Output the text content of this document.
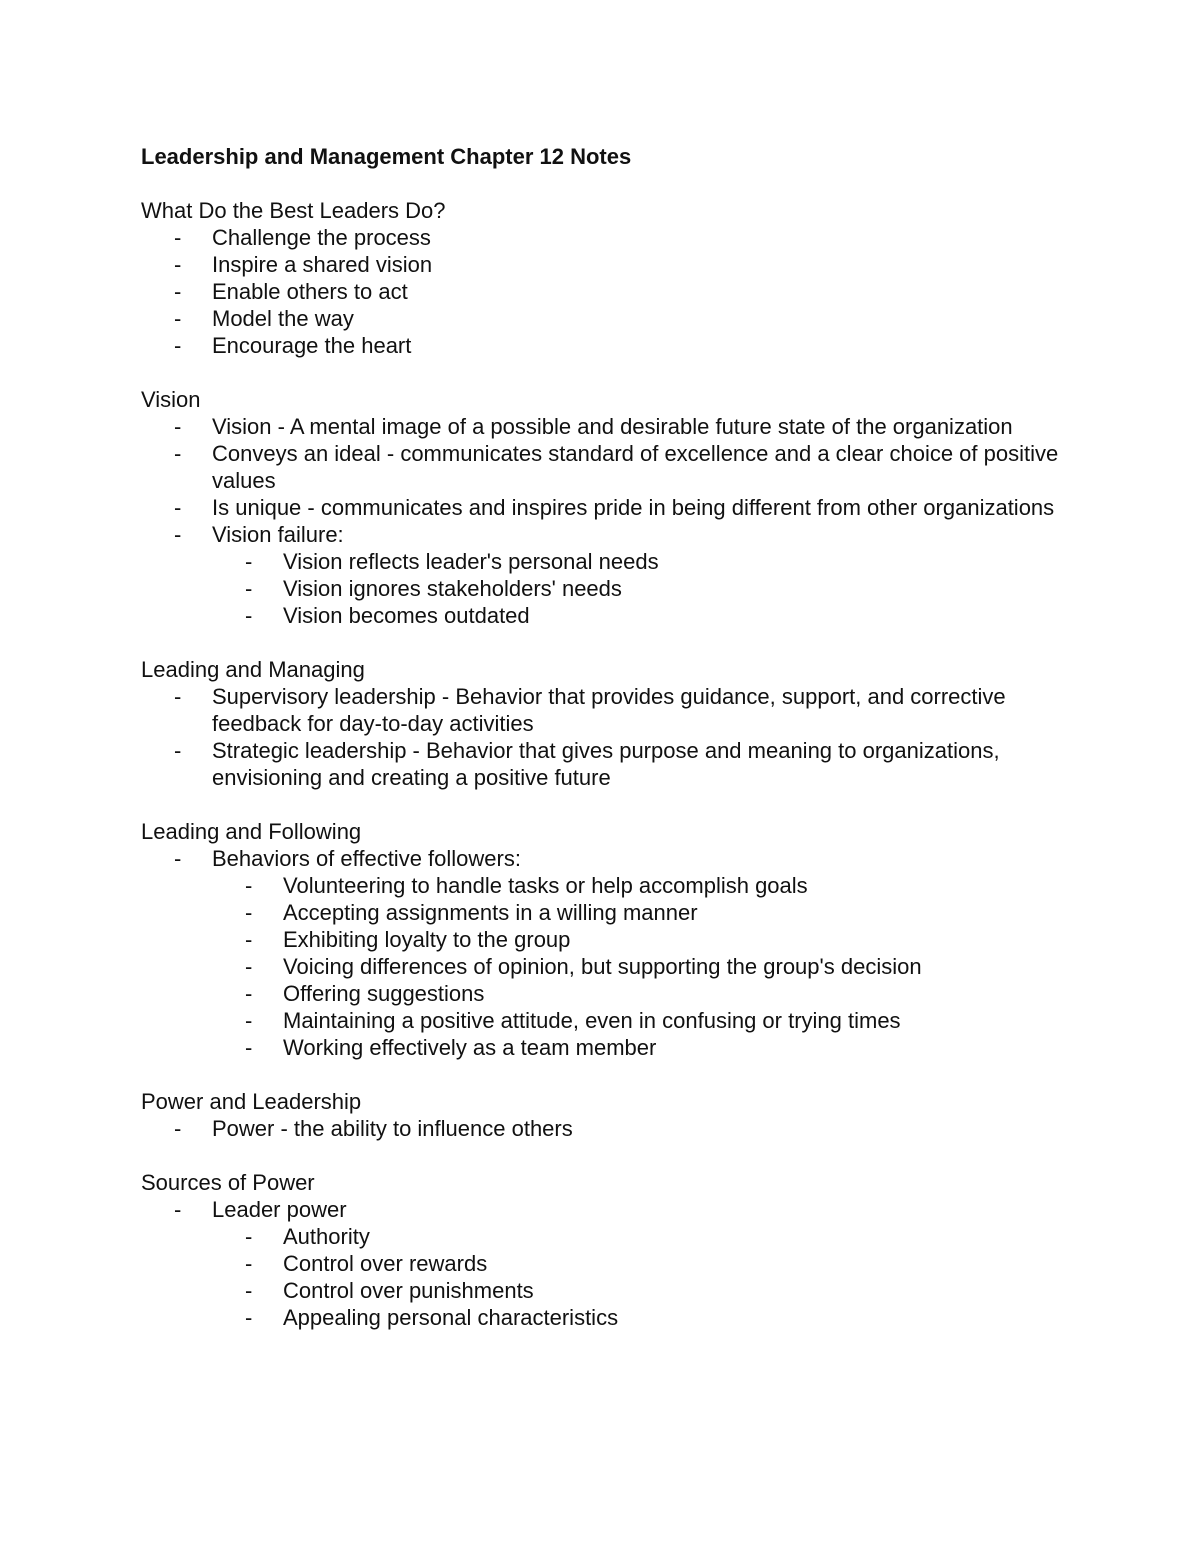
Leadership and Management Chapter 12 Notes
What Do the Best Leaders Do?
- Challenge the process
- Inspire a shared vision
- Enable others to act
- Model the way
- Encourage the heart
Vision
- Vision - A mental image of a possible and desirable future state of the organization
- Conveys an ideal - communicates standard of excellence and a clear choice of positive values
- Is unique - communicates and inspires pride in being different from other organizations
- Vision failure:
- Vision reflects leader's personal needs
- Vision ignores stakeholders' needs
- Vision becomes outdated
Leading and Managing
- Supervisory leadership - Behavior that provides guidance, support, and corrective feedback for day-to-day activities
- Strategic leadership - Behavior that gives purpose and meaning to organizations, envisioning and creating a positive future
Leading and Following
- Behaviors of effective followers:
- Volunteering to handle tasks or help accomplish goals
- Accepting assignments in a willing manner
- Exhibiting loyalty to the group
- Voicing differences of opinion, but supporting the group's decision
- Offering suggestions
- Maintaining a positive attitude, even in confusing or trying times
- Working effectively as a team member
Power and Leadership
- Power - the ability to influence others
Sources of Power
- Leader power
- Authority
- Control over rewards
- Control over punishments
- Appealing personal characteristics
